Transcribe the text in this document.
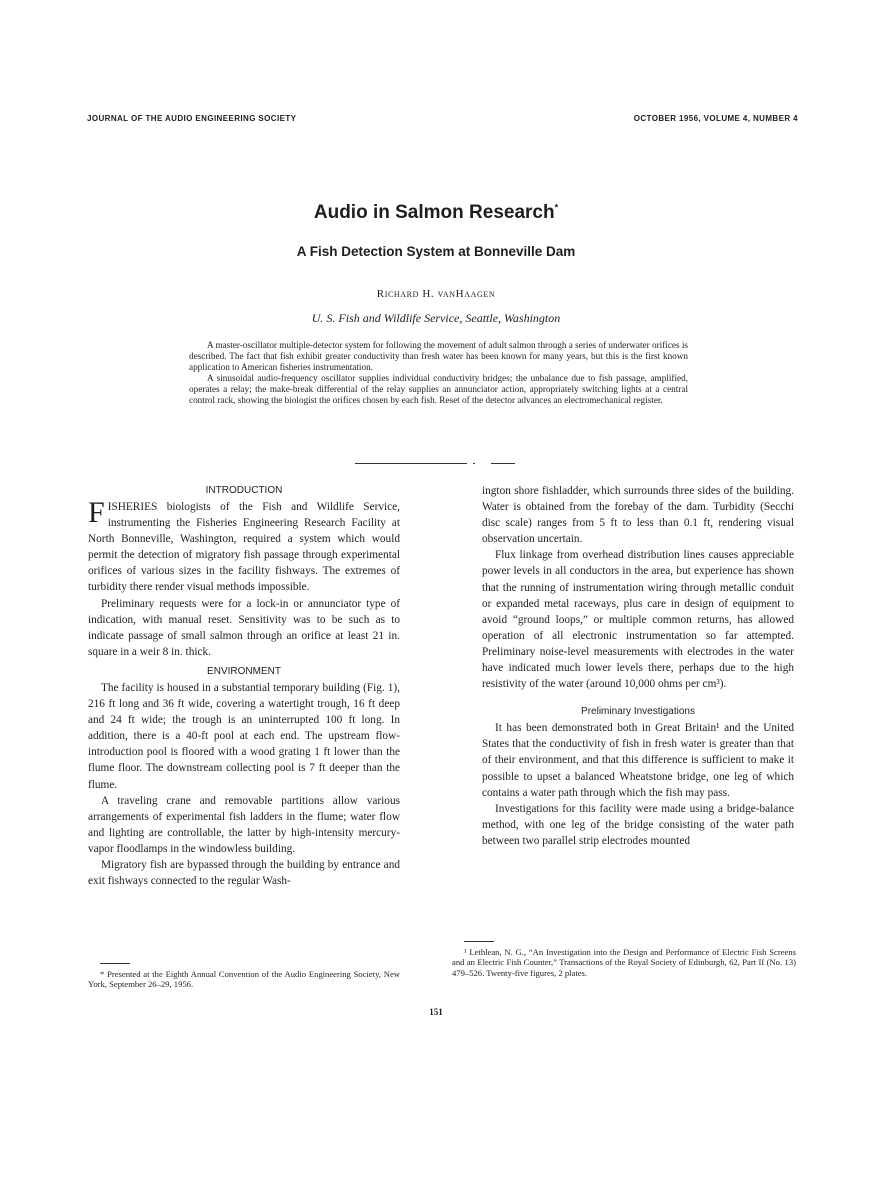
JOURNAL OF THE AUDIO ENGINEERING SOCIETY	OCTOBER 1956, VOLUME 4, NUMBER 4
Audio in Salmon Research*
A Fish Detection System at Bonneville Dam
Richard H. vanHaagen
U. S. Fish and Wildlife Service, Seattle, Washington

A master-oscillator multiple-detector system for following the movement of adult salmon through a series of underwater orifices is described. The fact that fish exhibit greater conductivity than fresh water has been known for many years, but this is the first known application to American fisheries instrumentation.

A sinusoidal audio-frequency oscillator supplies individual conductivity bridges; the unbalance due to fish passage, amplified, operates a relay; the make-break differential of the relay supplies an annunciator action, appropriately switching lights at a central control rack, showing the biologist the orifices chosen by each fish. Reset of the detector advances an electromechanical register.

INTRODUCTION

FISHERIES biologists of the Fish and Wildlife Service, instrumenting the Fisheries Engineering Research Facility at North Bonneville, Washington, required a system which would permit the detection of migratory fish passage through experimental orifices of various sizes in the facility fishways. The extremes of turbidity there render visual methods impossible.

Preliminary requests were for a lock-in or annunciator type of indication, with manual reset. Sensitivity was to be such as to indicate passage of small salmon through an orifice at least 21 in. square in a weir 8 in. thick.

ENVIRONMENT

The facility is housed in a substantial temporary building (Fig. 1), 216 ft long and 36 ft wide, covering a watertight trough, 16 ft deep and 24 ft wide; the trough is an uninterrupted 100 ft long. In addition, there is a 40-ft pool at each end. The upstream flow-introduction pool is floored with a wood grating 1 ft lower than the flume floor. The downstream collecting pool is 7 ft deeper than the flume.

A traveling crane and removable partitions allow various arrangements of experimental fish ladders in the flume; water flow and lighting are controllable, the latter by high-intensity mercury-vapor floodlamps in the windowless building.

Migratory fish are bypassed through the building by entrance and exit fishways connected to the regular Wash-

ington shore fishladder, which surrounds three sides of the building. Water is obtained from the forebay of the dam. Turbidity (Secchi disc scale) ranges from 5 ft to less than 0.1 ft, rendering visual observation uncertain.

Flux linkage from overhead distribution lines causes appreciable power levels in all conductors in the area, but experience has shown that the running of instrumentation wiring through metallic conduit or expanded metal raceways, plus care in design of equipment to avoid “ground loops,” or multiple common returns, has allowed operation of all electronic instrumentation so far attempted. Preliminary noise-level measurements with electrodes in the water have indicated much lower levels there, perhaps due to the high resistivity of the water (around 10,000 ohms per cm³).

Preliminary Investigations

It has been demonstrated both in Great Britain¹ and the United States that the conductivity of fish in fresh water is greater than that of their environment, and that this difference is sufficient to make it possible to upset a balanced Wheatstone bridge, one leg of which contains a water path through which the fish may pass.

Investigations for this facility were made using a bridge-balance method, with one leg of the bridge consisting of the water path between two parallel strip electrodes mounted

* Presented at the Eighth Annual Convention of the Audio Engineering Society, New York, September 26–29, 1956.

¹ Lethlean, N. G., “An Investigation into the Design and Performance of Electric Fish Screens and an Electric Fish Counter,” Transactions of the Royal Society of Edinburgh, 62, Part II (No. 13) 479–526. Twenty-five figures, 2 plates.

151
